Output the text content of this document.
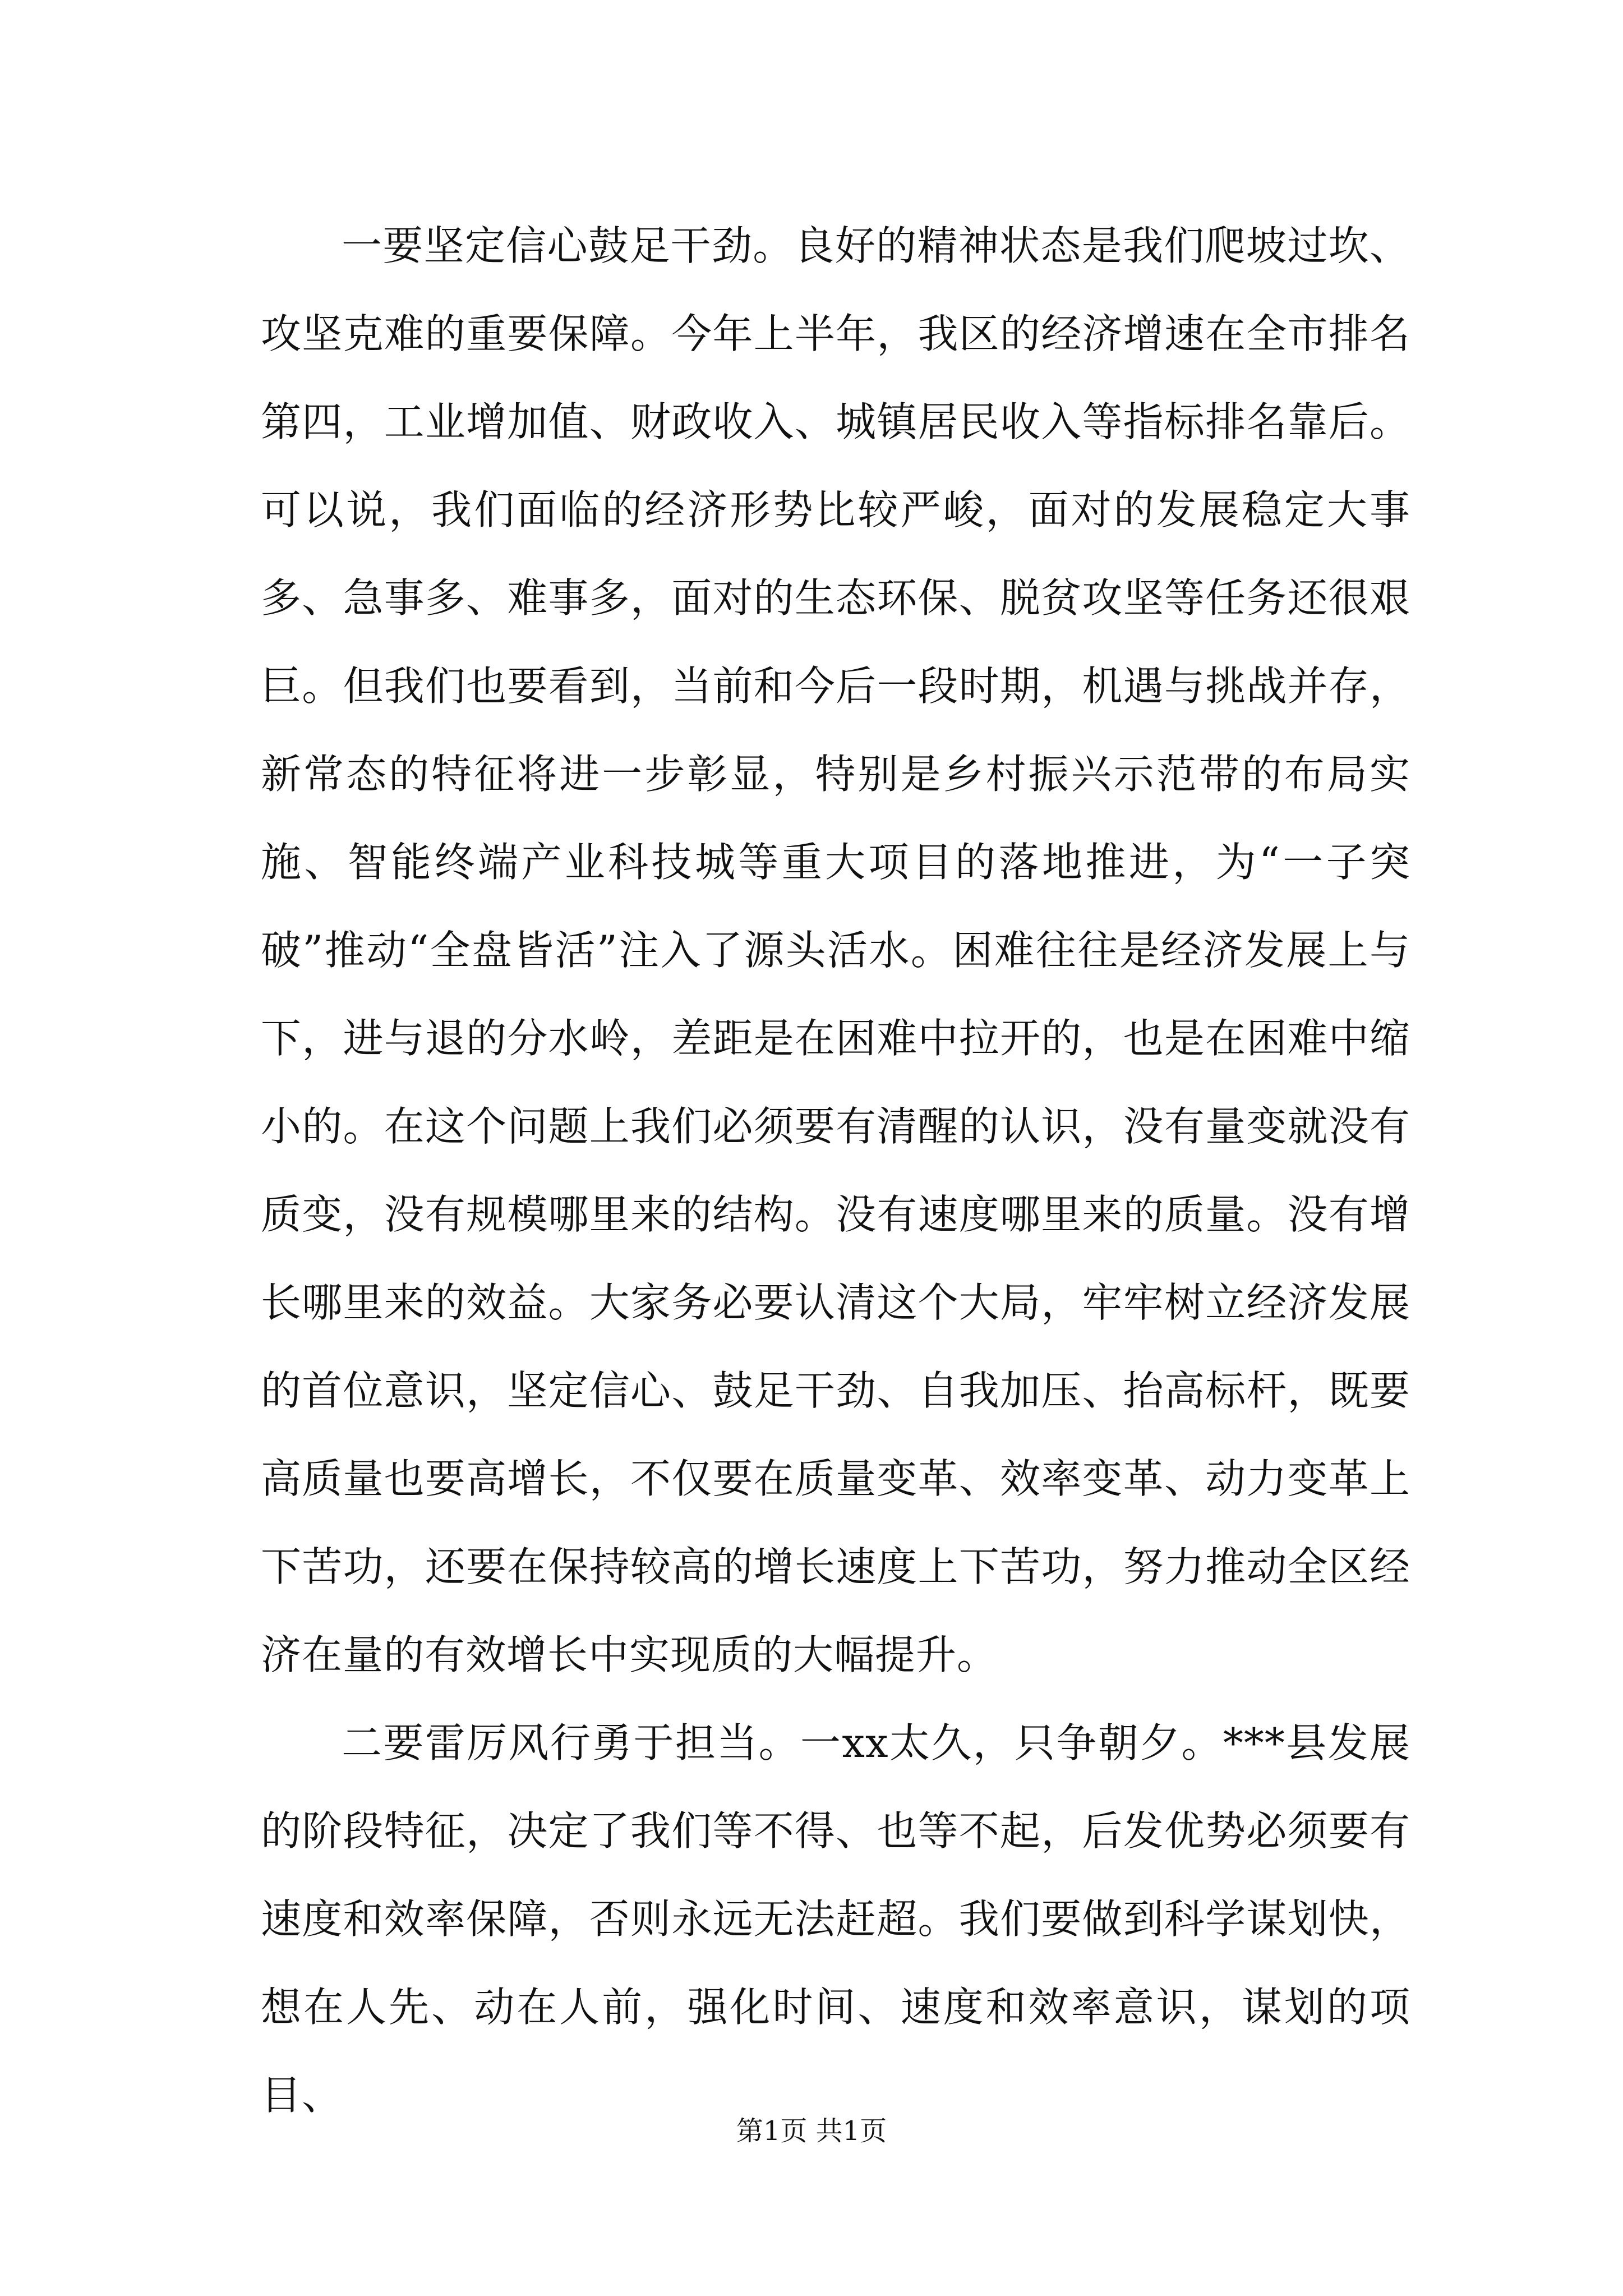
一要坚定信心鼓足干劲。良好的精神状态是我们爬坡过坎、攻坚克难的重要保障。今年上半年，我区的经济增速在全市排名第四，工业增加值、财政收入、城镇居民收入等指标排名靠后。可以说，我们面临的经济形势比较严峻，面对的发展稳定大事多、急事多、难事多，面对的生态环保、脱贫攻坚等任务还很艰巨。但我们也要看到，当前和今后一段时期，机遇与挑战并存，新常态的特征将进一步彰显，特别是乡村振兴示范带的布局实施、智能终端产业科技城等重大项目的落地推进，为“一子突破”推动“全盘皆活”注入了源头活水。困难往往是经济发展上与下，进与退的分水岭，差距是在困难中拉开的，也是在困难中缩小的。在这个问题上我们必须要有清醒的认识，没有量变就没有质变，没有规模哪里来的结构。没有速度哪里来的质量。没有增长哪里来的效益。大家务必要认清这个大局，牢牢树立经济发展的首位意识，坚定信心、鼓足干劲、自我加压、抬高标杆，既要高质量也要高增长，不仅要在质量变革、效率变革、动力变革上下苦功，还要在保持较高的增长速度上下苦功，努力推动全区经济在量的有效增长中实现质的大幅提升。

二要雷厉风行勇于担当。一xx太久，只争朝夕。***县发展的阶段特征，决定了我们等不得、也等不起，后发优势必须要有速度和效率保障，否则永远无法赶超。我们要做到科学谋划快，想在人先、动在人前，强化时间、速度和效率意识，谋划的项目、

第1页 共1页
